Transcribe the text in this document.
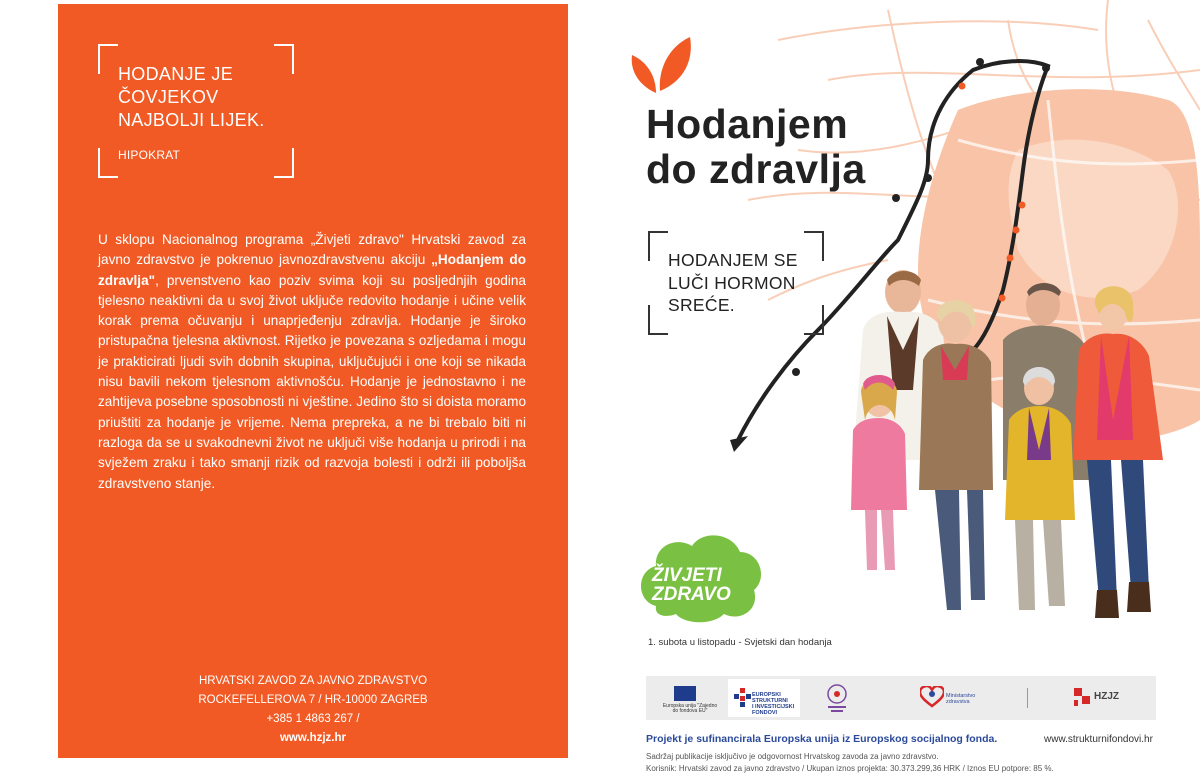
HODANJE JE
ČOVJEKOV
NAJBOLJI LIJEK.
HIPOKRAT

U sklopu Nacionalnog programa „Živjeti zdravo" Hrvatski zavod za javno zdravstvo je pokrenuo javnozdravstvenu akciju „Hodanjem do zdravlja", prvenstveno kao poziv svima koji su posljednjih godina tjelesno neaktivni da u svoj život uključe redovito hodanje i učine velik korak prema očuvanju i unaprjeđenju zdravlja. Hodanje je široko pristupačna tjelesna aktivnost. Rijetko je povezana s ozljedama i mogu je prakticirati ljudi svih dobnih skupina, uključujući i one koji se nikada nisu bavili nekom tjelesnom aktivnošću. Hodanje je jednostavno i ne zahtijeva posebne sposobnosti ni vještine. Jedino što si doista moramo priuštiti za hodanje je vrijeme. Nema prepreka, a ne bi trebalo biti ni razloga da se u svakodnevni život ne uključi više hodanja u prirodi i na svježem zraku i tako smanji rizik od razvoja bolesti i održi ili poboljša zdravstveno stanje.

HRVATSKI ZAVOD ZA JAVNO ZDRAVSTVO
ROCKEFELLEROVA 7 / HR-10000 ZAGREB
+385 1 4863 267 /
www.hzjz.hr
Hodanjem
do zdravlja
HODANJEM SE
LUČI HORMON
SREĆE.
ŽIVJETI
ZDRAVO
1. subota u listopadu - Svjetski dan hodanja
Europska unija "Zajedno do fondova EU"
EUROPSKI STRUKTURNI
I INVESTICIJSKI FONDOVI
Ministarstvo
zdravstva	HZJZ
Projekt je sufinancirala Europska unija iz Europskog socijalnog fonda.	www.strukturnifondovi.hr
Sadržaj publikacije isključivo je odgovornost Hrvatskog zavoda za javno zdravstvo.
Korisnik: Hrvatski zavod za javno zdravstvo / Ukupan iznos projekta: 30.373.299,36 HRK / Iznos EU potpore: 85 %.
